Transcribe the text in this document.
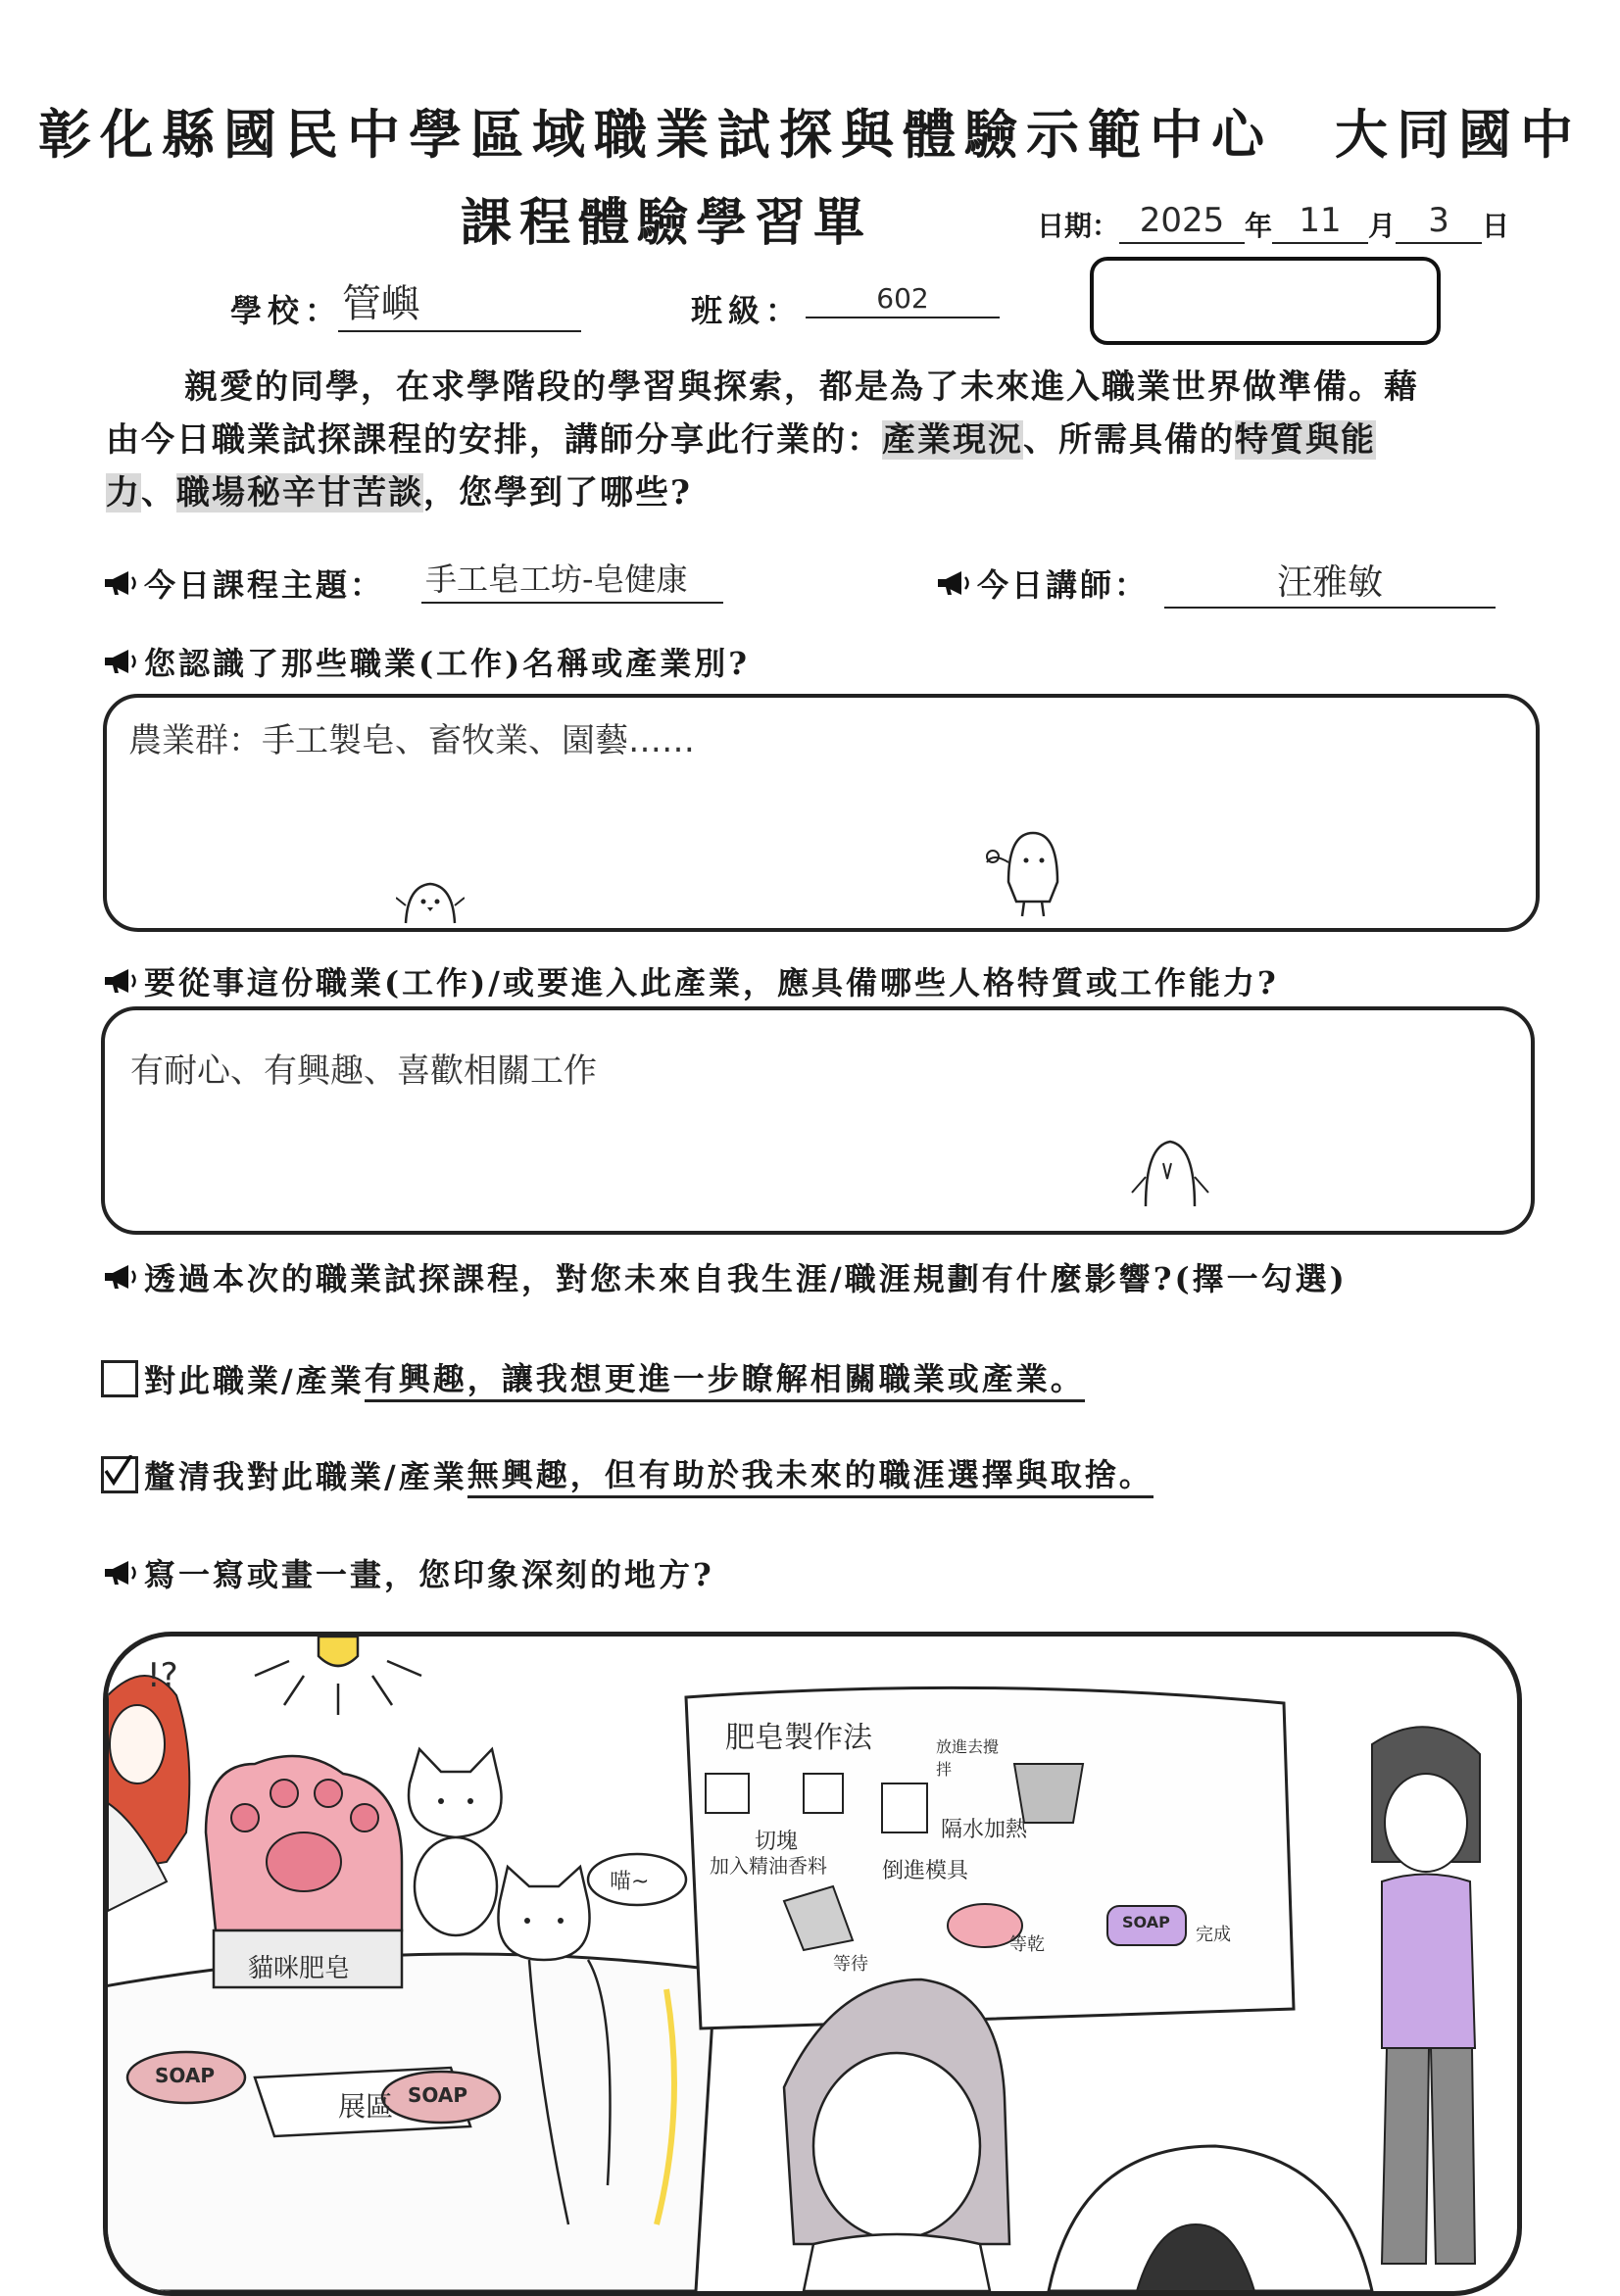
彰化縣國民中學區域職業試探與體驗示範中心　大同國中
課程體驗學習單	日期： 2025 年 11 月 3	日
學校： 管嶼	班級：	602

親愛的同學，在求學階段的學習與探索，都是為了未來進入職業世界做準備。藉

由今日職業試探課程的安排，講師分享此行業的：產業現況、所需具備的特質與能
力、職場秘辛甘苦談，您學到了哪些?
今日課程主題： 手工皂工坊-皂健康	今日講師：	汪雅敏
您認識了那些職業(工作)名稱或產業別?
農業群：手工製皂、畜牧業、園藝……
要從事這份職業(工作)/或要進入此產業，應具備哪些人格特質或工作能力?
有耐心、有興趣、喜歡相關工作
透過本次的職業試探課程，對您未來自我生涯/職涯規劃有什麼影響?(擇一勾選)
對此職業/產業 有興趣 ，讓我想更進一步瞭解相關職業或產業。
釐清我對此職業/產業 無興趣 ，但有助於我未來的職涯選擇與取捨。
寫一寫或畫一畫，您印象深刻的地方?
!?
貓咪肥皂
喵~
展區
SOAP
SOAP
肥皂製作法
切塊
放進去攪拌
隔水加熱
加入精油香料	倒進模具
等待
等乾
SOAP
完成
